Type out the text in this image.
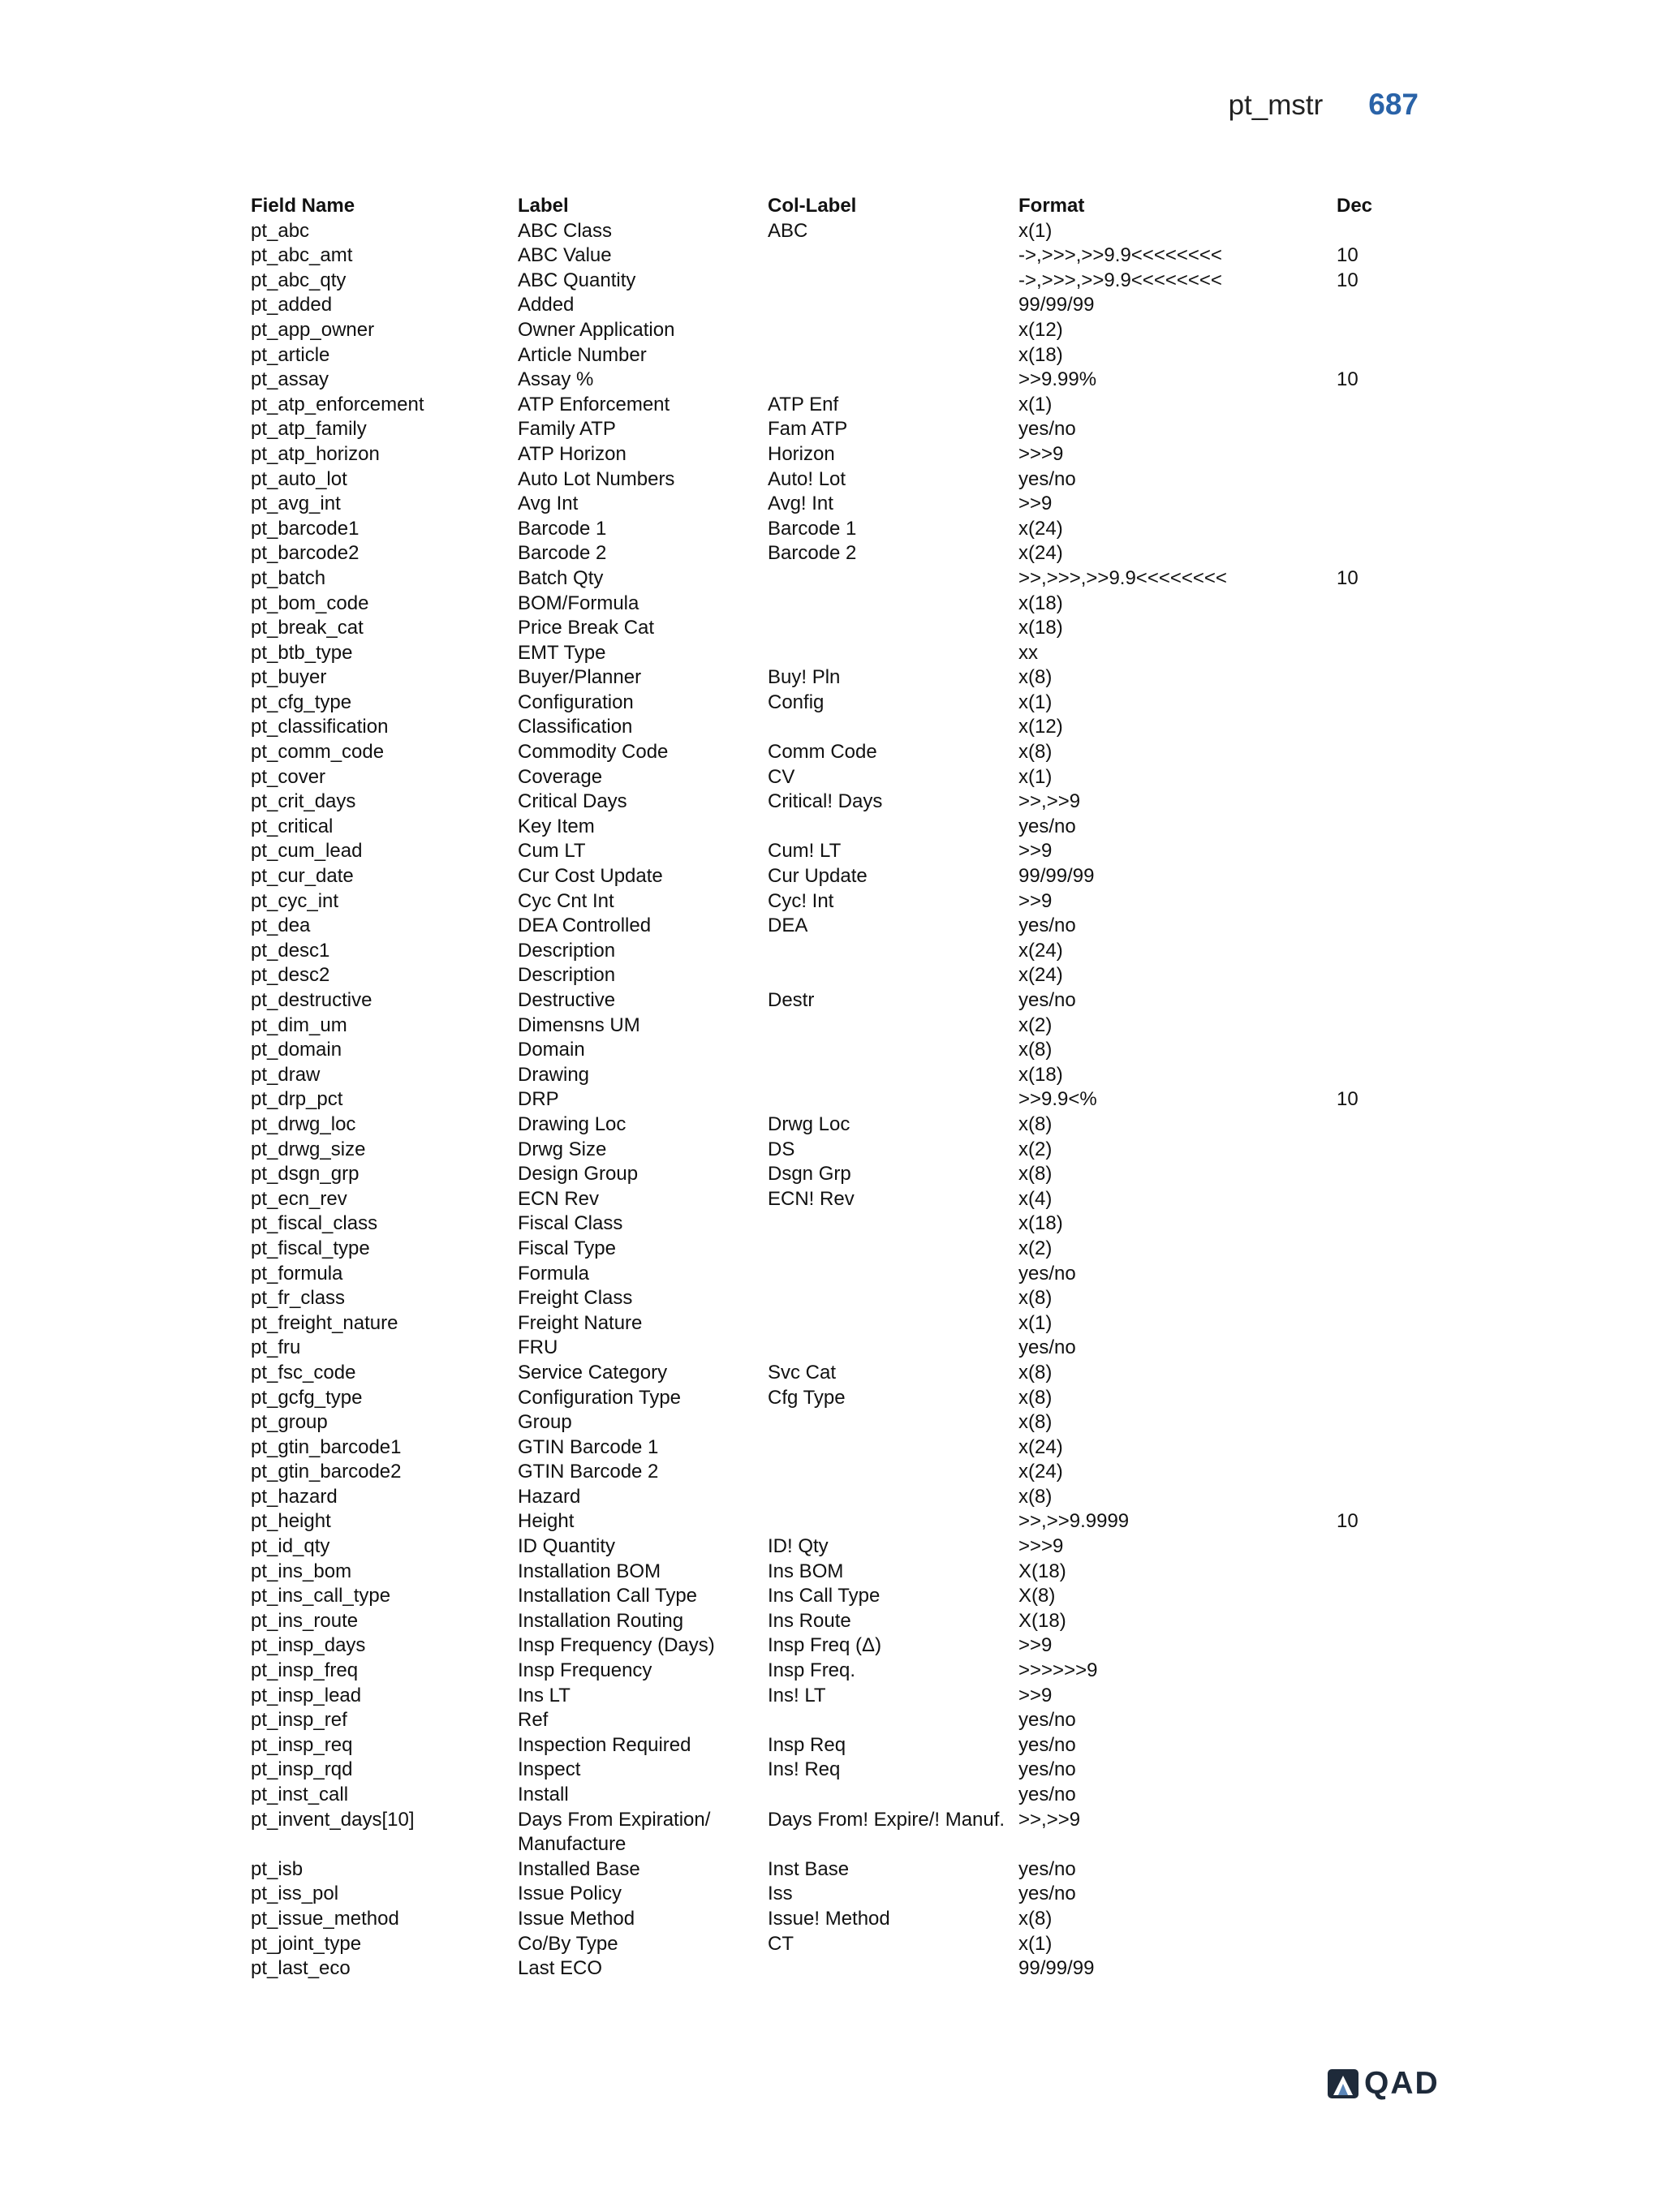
pt_mstr 687
Field Name	Label	Col-Label	Format	Dec
pt_abc	ABC Class	ABC	x(1)	
pt_abc_amt	ABC Value		->,>>>,>>9.9<<<<<<<<	10
pt_abc_qty	ABC Quantity		->,>>>,>>9.9<<<<<<<<	10
pt_added	Added		99/99/99	
pt_app_owner	Owner Application		x(12)	
pt_article	Article Number		x(18)	
pt_assay	Assay %		>>9.99%	10
pt_atp_enforcement	ATP Enforcement	ATP Enf	x(1)	
pt_atp_family	Family ATP	Fam ATP	yes/no	
pt_atp_horizon	ATP Horizon	Horizon	>>>9	
pt_auto_lot	Auto Lot Numbers	Auto! Lot	yes/no	
pt_avg_int	Avg Int	Avg! Int	>>9	
pt_barcode1	Barcode 1	Barcode 1	x(24)	
pt_barcode2	Barcode 2	Barcode 2	x(24)	
pt_batch	Batch Qty		>>,>>>,>>9.9<<<<<<<<	10
pt_bom_code	BOM/Formula		x(18)	
pt_break_cat	Price Break Cat		x(18)	
pt_btb_type	EMT Type		xx	
pt_buyer	Buyer/Planner	Buy! Pln	x(8)	
pt_cfg_type	Configuration	Config	x(1)	
pt_classification	Classification		x(12)	
pt_comm_code	Commodity Code	Comm Code	x(8)	
pt_cover	Coverage	CV	x(1)	
pt_crit_days	Critical Days	Critical! Days	>>,>>9	
pt_critical	Key Item		yes/no	
pt_cum_lead	Cum LT	Cum! LT	>>9	
pt_cur_date	Cur Cost Update	Cur Update	99/99/99	
pt_cyc_int	Cyc Cnt Int	Cyc! Int	>>9	
pt_dea	DEA Controlled	DEA	yes/no	
pt_desc1	Description		x(24)	
pt_desc2	Description		x(24)	
pt_destructive	Destructive	Destr	yes/no	
pt_dim_um	Dimensns UM		x(2)	
pt_domain	Domain		x(8)	
pt_draw	Drawing		x(18)	
pt_drp_pct	DRP		>>9.9<%	10
pt_drwg_loc	Drawing Loc	Drwg Loc	x(8)	
pt_drwg_size	Drwg Size	DS	x(2)	
pt_dsgn_grp	Design Group	Dsgn Grp	x(8)	
pt_ecn_rev	ECN Rev	ECN! Rev	x(4)	
pt_fiscal_class	Fiscal Class		x(18)	
pt_fiscal_type	Fiscal Type		x(2)	
pt_formula	Formula		yes/no	
pt_fr_class	Freight Class		x(8)	
pt_freight_nature	Freight Nature		x(1)	
pt_fru	FRU		yes/no	
pt_fsc_code	Service Category	Svc Cat	x(8)	
pt_gcfg_type	Configuration Type	Cfg Type	x(8)	
pt_group	Group		x(8)	
pt_gtin_barcode1	GTIN Barcode 1		x(24)	
pt_gtin_barcode2	GTIN Barcode 2		x(24)	
pt_hazard	Hazard		x(8)	
pt_height	Height		>>,>>9.9999	10
pt_id_qty	ID Quantity	ID! Qty	>>>9	
pt_ins_bom	Installation BOM	Ins BOM	X(18)	
pt_ins_call_type	Installation Call Type	Ins Call Type	X(8)	
pt_ins_route	Installation Routing	Ins Route	X(18)	
pt_insp_days	Insp Frequency (Days)	Insp Freq (Δ)	>>9	
pt_insp_freq	Insp Frequency	Insp Freq.	>>>>>>9	
pt_insp_lead	Ins LT	Ins! LT	>>9	
pt_insp_ref	Ref		yes/no	
pt_insp_req	Inspection Required	Insp Req	yes/no	
pt_insp_rqd	Inspect	Ins! Req	yes/no	
pt_inst_call	Install		yes/no	
pt_invent_days[10]	Days From Expiration/ Manufacture	Days From! Expire/! Manuf.	>>,>>9	
pt_isb	Installed Base	Inst Base	yes/no	
pt_iss_pol	Issue Policy	Iss	yes/no	
pt_issue_method	Issue Method	Issue! Method	x(8)	
pt_joint_type	Co/By Type	CT	x(1)	
pt_last_eco	Last ECO		99/99/99	
QAD
